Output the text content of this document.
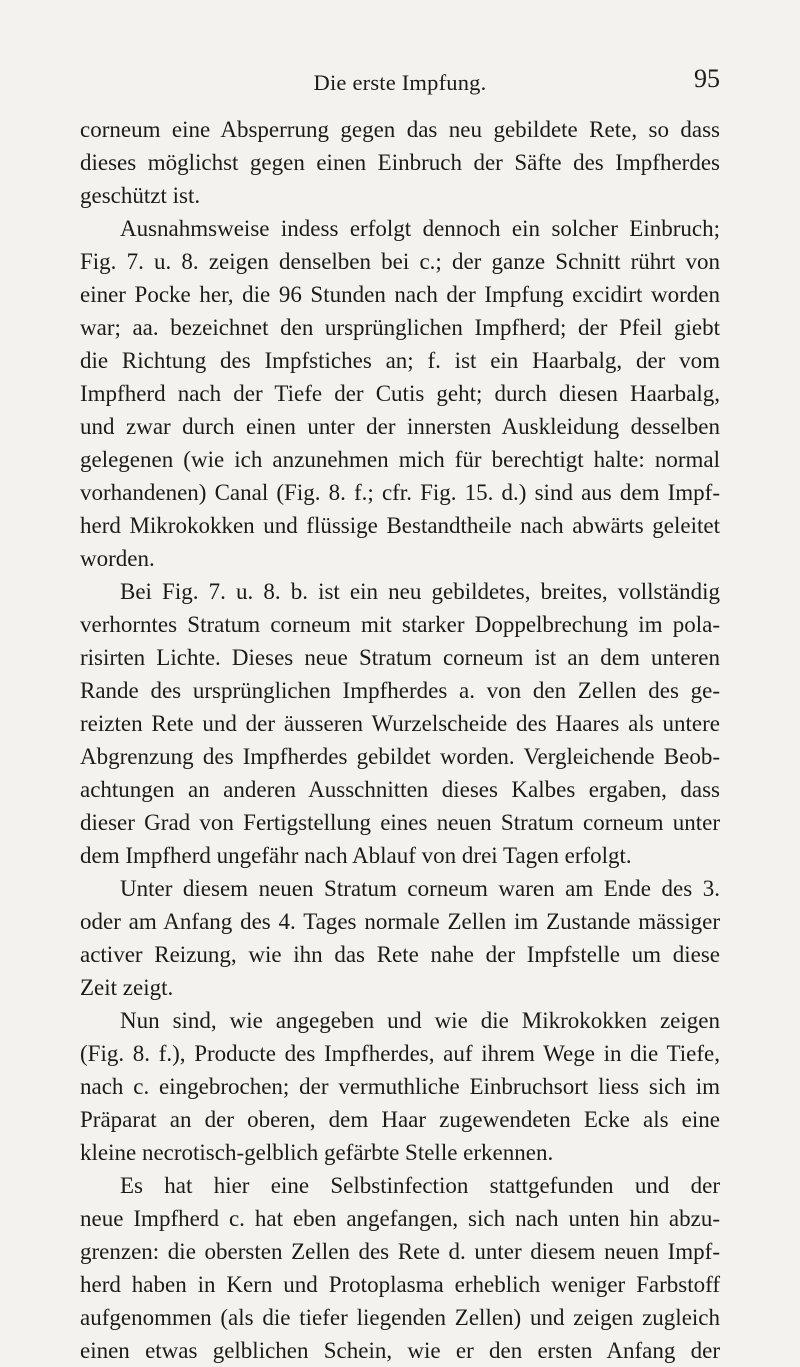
Die erste Impfung.	95
corneum eine Absperrung gegen das neu gebildete Rete, so dass
dieses möglichst gegen einen Einbruch der Säfte des Impfherdes
geschützt ist.
Ausnahmsweise indess erfolgt dennoch ein solcher Einbruch;
Fig. 7. u. 8. zeigen denselben bei c.; der ganze Schnitt rührt von
einer Pocke her, die 96 Stunden nach der Impfung excidirt worden
war; aa. bezeichnet den ursprünglichen Impfherd; der Pfeil giebt
die Richtung des Impfstiches an; f. ist ein Haarbalg, der vom
Impfherd nach der Tiefe der Cutis geht; durch diesen Haarbalg,
und zwar durch einen unter der innersten Auskleidung desselben
gelegenen (wie ich anzunehmen mich für berechtigt halte: normal
vorhandenen) Canal (Fig. 8. f.; cfr. Fig. 15. d.) sind aus dem Impf-
herd Mikrokokken und flüssige Bestandtheile nach abwärts geleitet
worden.
Bei Fig. 7. u. 8. b. ist ein neu gebildetes, breites, vollständig
verhorntes Stratum corneum mit starker Doppelbrechung im pola-
risirten Lichte. Dieses neue Stratum corneum ist an dem unteren
Rande des ursprünglichen Impfherdes a. von den Zellen des ge-
reizten Rete und der äusseren Wurzelscheide des Haares als untere
Abgrenzung des Impfherdes gebildet worden. Vergleichende Beob-
achtungen an anderen Ausschnitten dieses Kalbes ergaben, dass
dieser Grad von Fertigstellung eines neuen Stratum corneum unter
dem Impfherd ungefähr nach Ablauf von drei Tagen erfolgt.
Unter diesem neuen Stratum corneum waren am Ende des 3.
oder am Anfang des 4. Tages normale Zellen im Zustande mässiger
activer Reizung, wie ihn das Rete nahe der Impfstelle um diese
Zeit zeigt.
Nun sind, wie angegeben und wie die Mikrokokken zeigen
(Fig. 8. f.), Producte des Impfherdes, auf ihrem Wege in die Tiefe,
nach c. eingebrochen; der vermuthliche Einbruchsort liess sich im
Präparat an der oberen, dem Haar zugewendeten Ecke als eine
kleine necrotisch-gelblich gefärbte Stelle erkennen.
Es hat hier eine Selbstinfection stattgefunden und der
neue Impfherd c. hat eben angefangen, sich nach unten hin abzu-
grenzen: die obersten Zellen des Rete d. unter diesem neuen Impf-
herd haben in Kern und Protoplasma erheblich weniger Farbstoff
aufgenommen (als die tiefer liegenden Zellen) und zeigen zugleich
einen etwas gelblichen Schein, wie er den ersten Anfang der
